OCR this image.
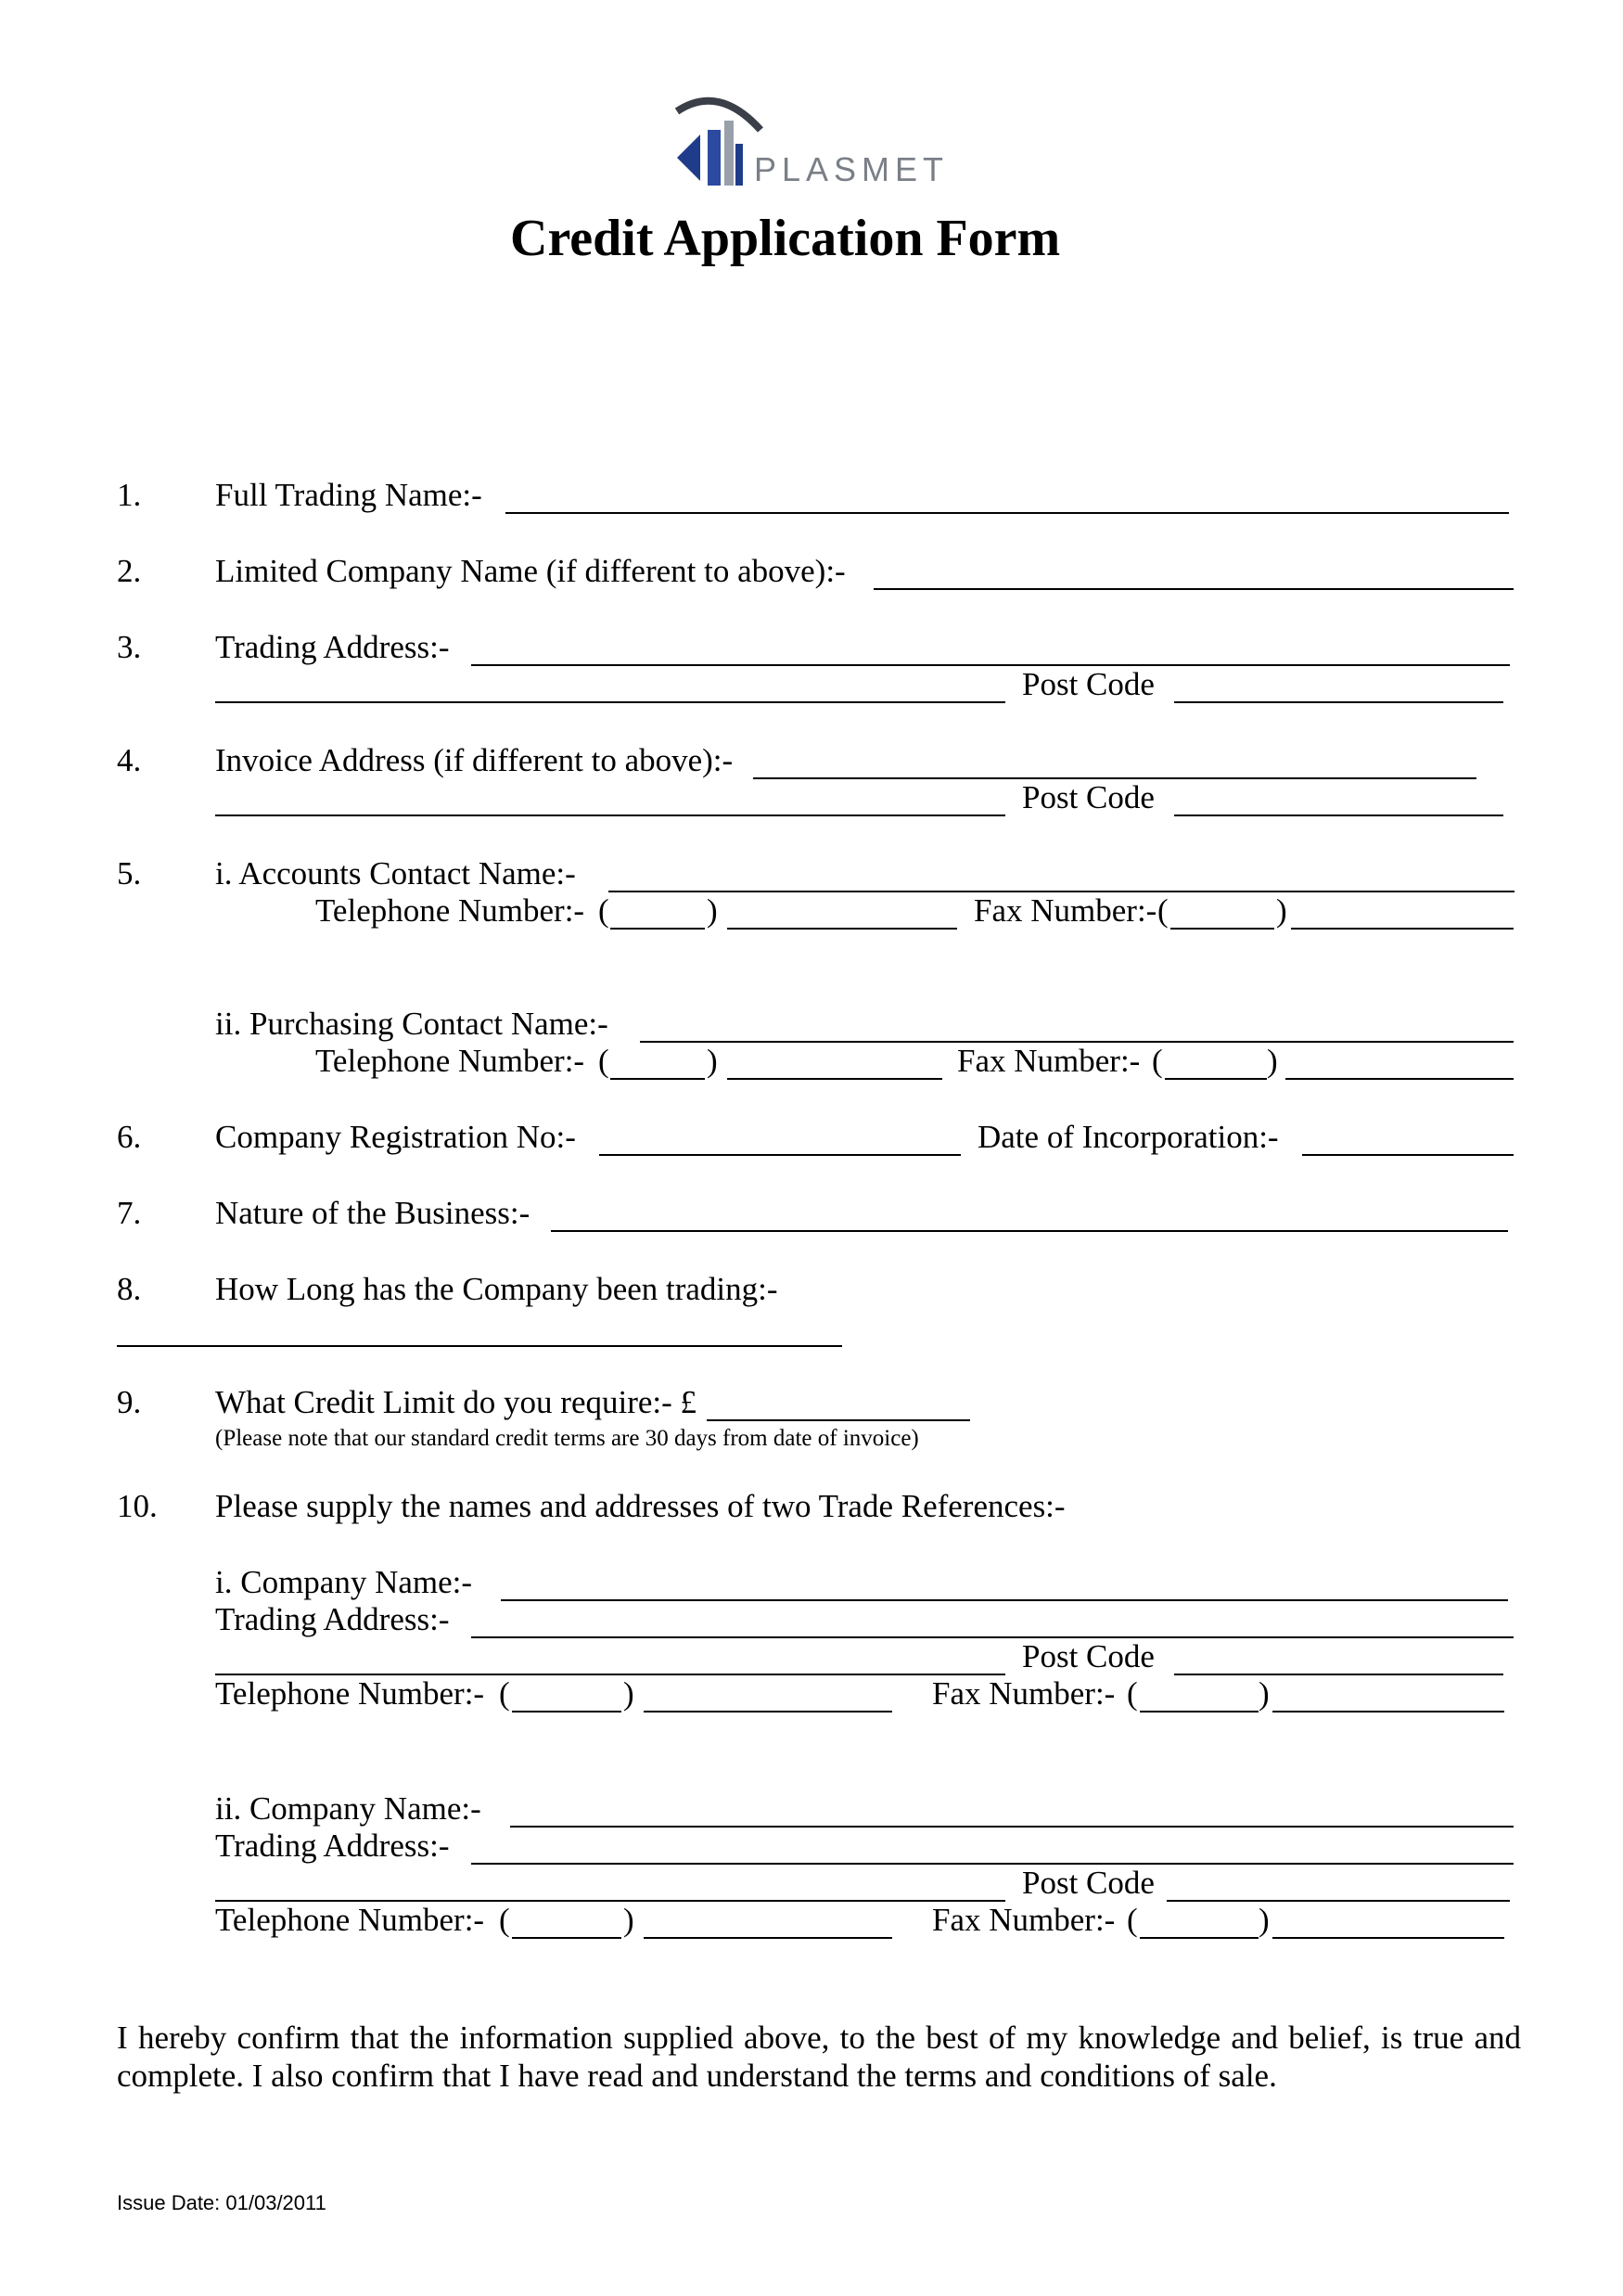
PLASMET
Credit Application Form
1. Full Trading Name:-
2. Limited Company Name (if different to above):-
3. Trading Address:-
Post Code
4. Invoice Address (if different to above):-
Post Code
5. i. Accounts Contact Name:-
Telephone Number:- (	)	Fax Number:- (	)
ii. Purchasing Contact Name:-
Telephone Number:- (	)	Fax Number:- (	)
6. Company Registration No:-	Date of Incorporation:-
7. Nature of the Business:-
8. How Long has the Company been trading:-
9. What Credit Limit do you require:- £
(Please note that our standard credit terms are 30 days from date of invoice)
10. Please supply the names and addresses of two Trade References:-
i. Company Name:-
Trading Address:-
Post Code
Telephone Number:- (	)	Fax Number:- (	)
ii. Company Name:-
Trading Address:-
Post Code
Telephone Number:- (	)	Fax Number:- (	)
I hereby confirm that the information supplied above, to the best of my knowledge and belief, is true and complete. I also confirm that I have read and understand the terms and conditions of sale.
Issue Date: 01/03/2011
